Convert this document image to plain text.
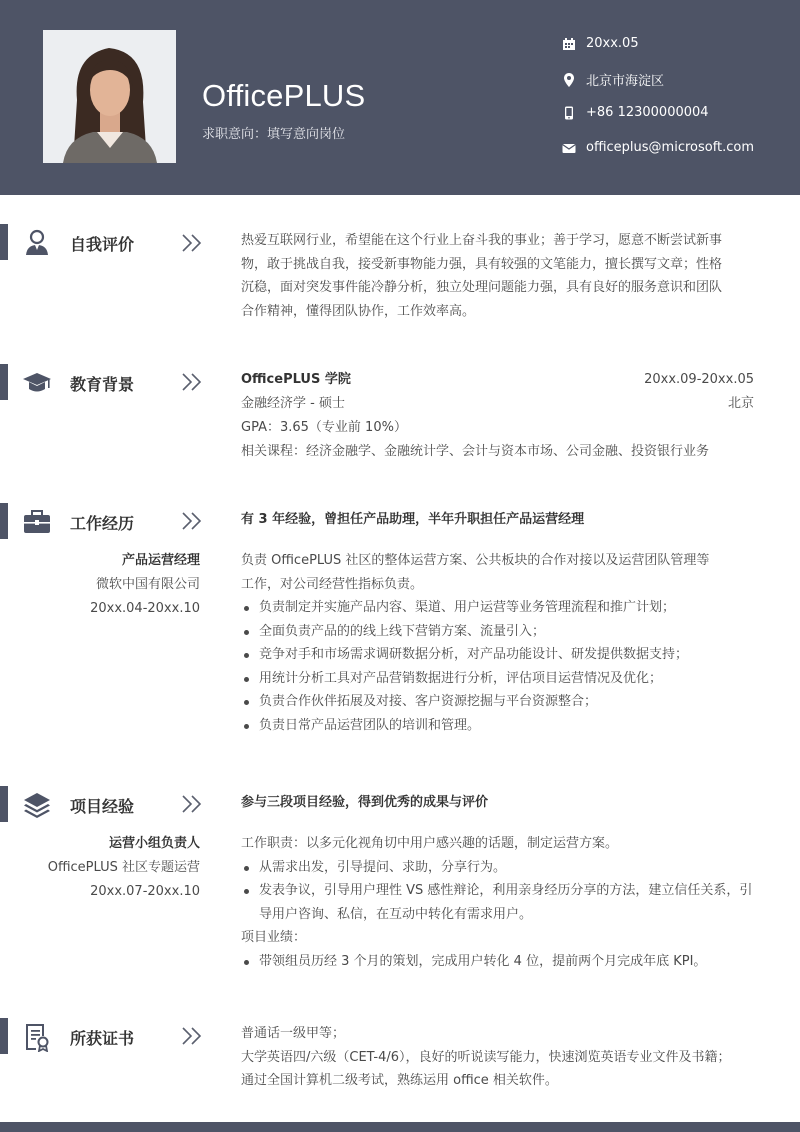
OfficePLUS
求职意向：填写意向岗位
20xx.05
北京市海淀区
+86 12300000004
officeplus@microsoft.com
自我评价	热爱互联网行业，希望能在这个行业上奋斗我的事业；善于学习，愿意不断尝试新事
物，敢于挑战自我，接受新事物能力强，具有较强的文笔能力，擅长撰写文章；性格
沉稳，面对突发事件能冷静分析，独立处理问题能力强，具有良好的服务意识和团队
合作精神，懂得团队协作，工作效率高。
教育背景	OfficePLUS 学院	20xx.09-20xx.05
金融经济学 - 硕士	北京
GPA：3.65（专业前 10%）
相关课程：经济金融学、金融统计学、会计与资本市场、公司金融、投资银行业务
工作经历	有 3 年经验，曾担任产品助理，半年升职担任产品运营经理
产品运营经理
微软中国有限公司
20xx.04-20xx.10
负责 OfficePLUS 社区的整体运营方案、公共板块的合作对接以及运营团队管理等
工作，对公司经营性指标负责。
负责制定并实施产品内容、渠道、用户运营等业务管理流程和推广计划；
全面负责产品的的线上线下营销方案、流量引入；
竞争对手和市场需求调研数据分析，对产品功能设计、研发提供数据支持；
用统计分析工具对产品营销数据进行分析，评估项目运营情况及优化；
负责合作伙伴拓展及对接、客户资源挖掘与平台资源整合；
负责日常产品运营团队的培训和管理。
项目经验	参与三段项目经验，得到优秀的成果与评价
运营小组负责人
OfficePLUS 社区专题运营
20xx.07-20xx.10
工作职责：以多元化视角切中用户感兴趣的话题，制定运营方案。
从需求出发，引导提问、求助，分享行为。
发表争议，引导用户理性 VS 感性辩论，利用亲身经历分享的方法，建立信任关系，引导用户咨询、私信，在互动中转化有需求用户。
项目业绩：
带领组员历经 3 个月的策划，完成用户转化 4 位，提前两个月完成年底 KPI。
所获证书	普通话一级甲等；
大学英语四/六级（CET-4/6），良好的听说读写能力，快速浏览英语专业文件及书籍；
通过全国计算机二级考试，熟练运用 office 相关软件。
